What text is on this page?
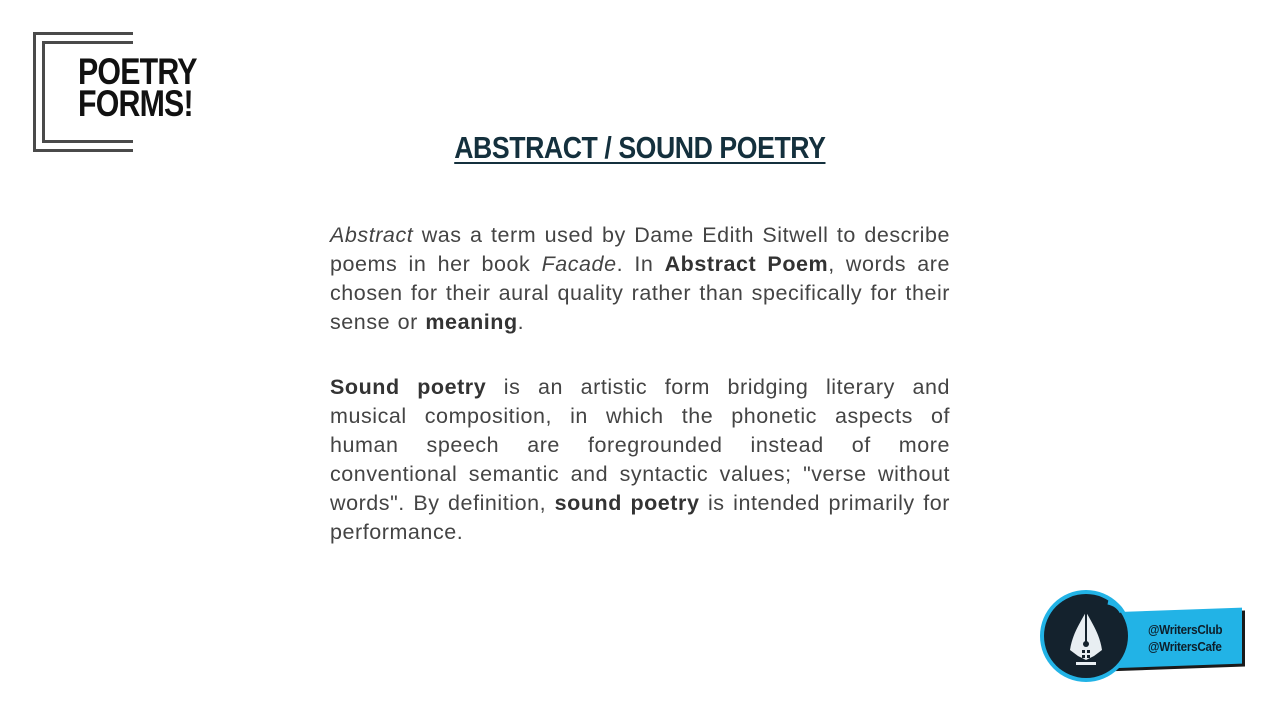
POETRY
FORMS!
ABSTRACT / SOUND POETRY

Abstract was a term used by Dame Edith Sitwell to describe poems in her book Facade. In Abstract Poem, words are chosen for their aural quality rather than specifically for their sense or meaning.

Sound poetry is an artistic form bridging literary and musical composition, in which the phonetic aspects of human speech are foregrounded instead of more conventional semantic and syntactic values; "verse without words". By definition, sound poetry is intended primarily for performance.

@WritersClub
@WritersCafe
